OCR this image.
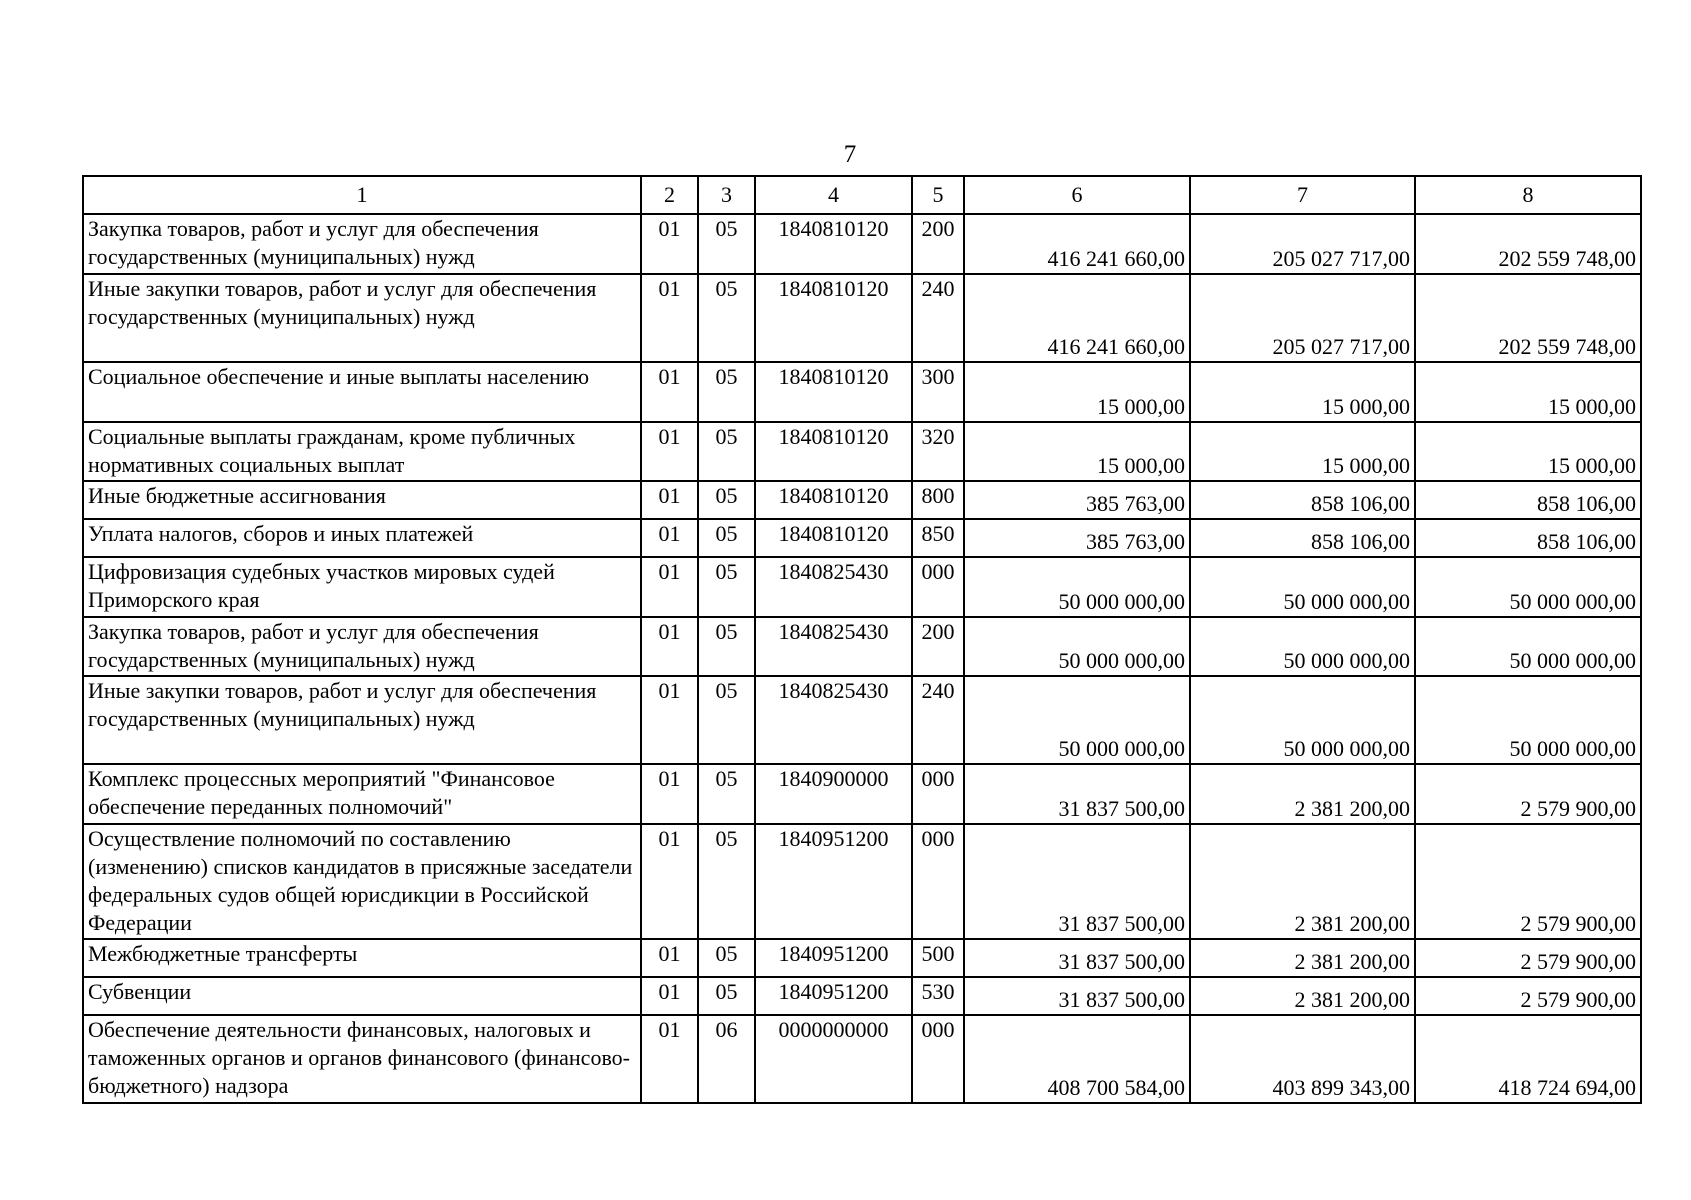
7
1	2	3	4	5	6	7	8
Закупка товаров, работ и услуг для обеспечения государственных (муниципальных) нужд	01	05	1840810120	200	416 241 660,00	205 027 717,00	202 559 748,00
Иные закупки товаров, работ и услуг для обеспечения государственных (муниципальных) нужд	01	05	1840810120	240	416 241 660,00	205 027 717,00	202 559 748,00
Социальное обеспечение и иные выплаты населению	01	05	1840810120	300	15 000,00	15 000,00	15 000,00
Социальные выплаты гражданам, кроме публичных нормативных социальных выплат	01	05	1840810120	320	15 000,00	15 000,00	15 000,00
Иные бюджетные ассигнования	01	05	1840810120	800	385 763,00	858 106,00	858 106,00
Уплата налогов, сборов и иных платежей	01	05	1840810120	850	385 763,00	858 106,00	858 106,00
Цифровизация судебных участков мировых судей Приморского края	01	05	1840825430	000	50 000 000,00	50 000 000,00	50 000 000,00
Закупка товаров, работ и услуг для обеспечения государственных (муниципальных) нужд	01	05	1840825430	200	50 000 000,00	50 000 000,00	50 000 000,00
Иные закупки товаров, работ и услуг для обеспечения государственных (муниципальных) нужд	01	05	1840825430	240	50 000 000,00	50 000 000,00	50 000 000,00
Комплекс процессных мероприятий "Финансовое обеспечение переданных полномочий"	01	05	1840900000	000	31 837 500,00	2 381 200,00	2 579 900,00
Осуществление полномочий по составлению (изменению) списков кандидатов в присяжные заседатели федеральных судов общей юрисдикции в Российской Федерации	01	05	1840951200	000	31 837 500,00	2 381 200,00	2 579 900,00
Межбюджетные трансферты	01	05	1840951200	500	31 837 500,00	2 381 200,00	2 579 900,00
Субвенции	01	05	1840951200	530	31 837 500,00	2 381 200,00	2 579 900,00
Обеспечение деятельности финансовых, налоговых и таможенных органов и органов финансового (финансово-бюджетного) надзора	01	06	0000000000	000	408 700 584,00	403 899 343,00	418 724 694,00
